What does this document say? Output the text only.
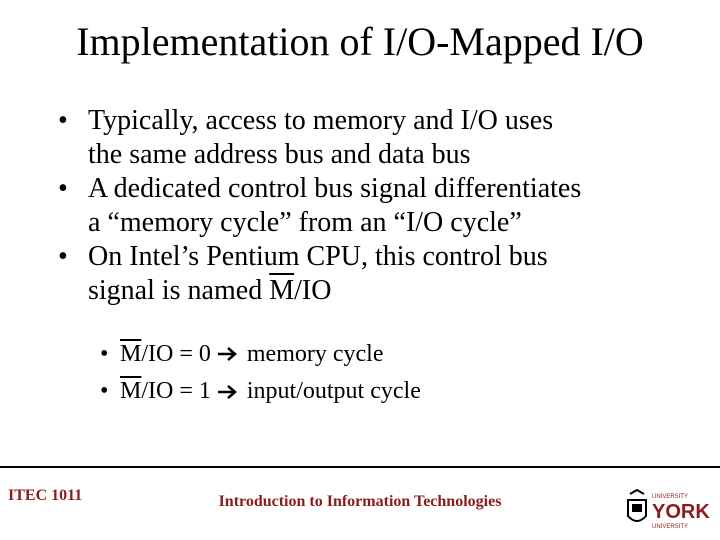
Implementation of I/O-Mapped I/O
• Typically, access to memory and I/O uses
the same address bus and data bus
• A dedicated control bus signal differentiates
a “memory cycle” from an “I/O cycle”
• On Intel’s Pentium CPU, this control bus
signal is named $\overline{M}/IO$
• $\overline{M}/IO = 0$ memory cycle
• $\overline{M}/IO = 1$ input/output cycle
ITEC 1011	Introduction to Information Technologies	UNIVERSITY
YORK
UNIVERSITY
